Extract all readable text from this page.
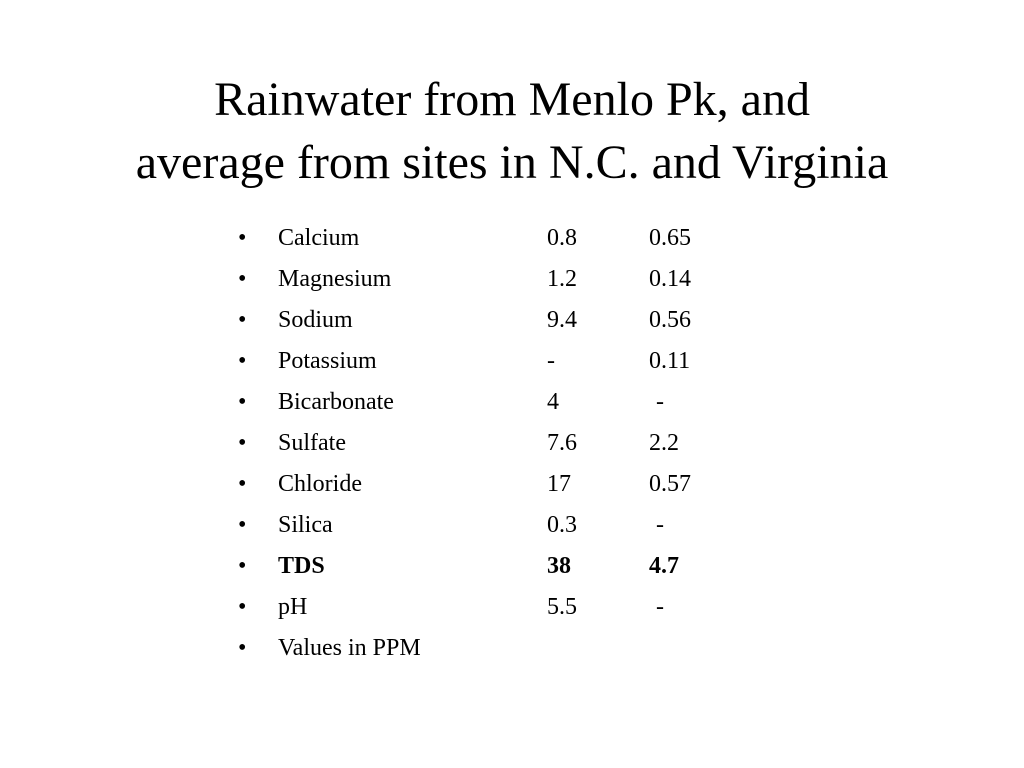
Rainwater from Menlo Pk, and
average from sites in N.C. and Virginia
•	Calcium	0.8	0.65
•	Magnesium	1.2	0.14
•	Sodium	9.4	0.56
•	Potassium	-	0.11
•	Bicarbonate	4	-
•	Sulfate	7.6	2.2
•	Chloride	17	0.57
•	Silica	0.3	-
•	TDS	38	4.7
•	pH	5.5	-
•	Values in PPM
